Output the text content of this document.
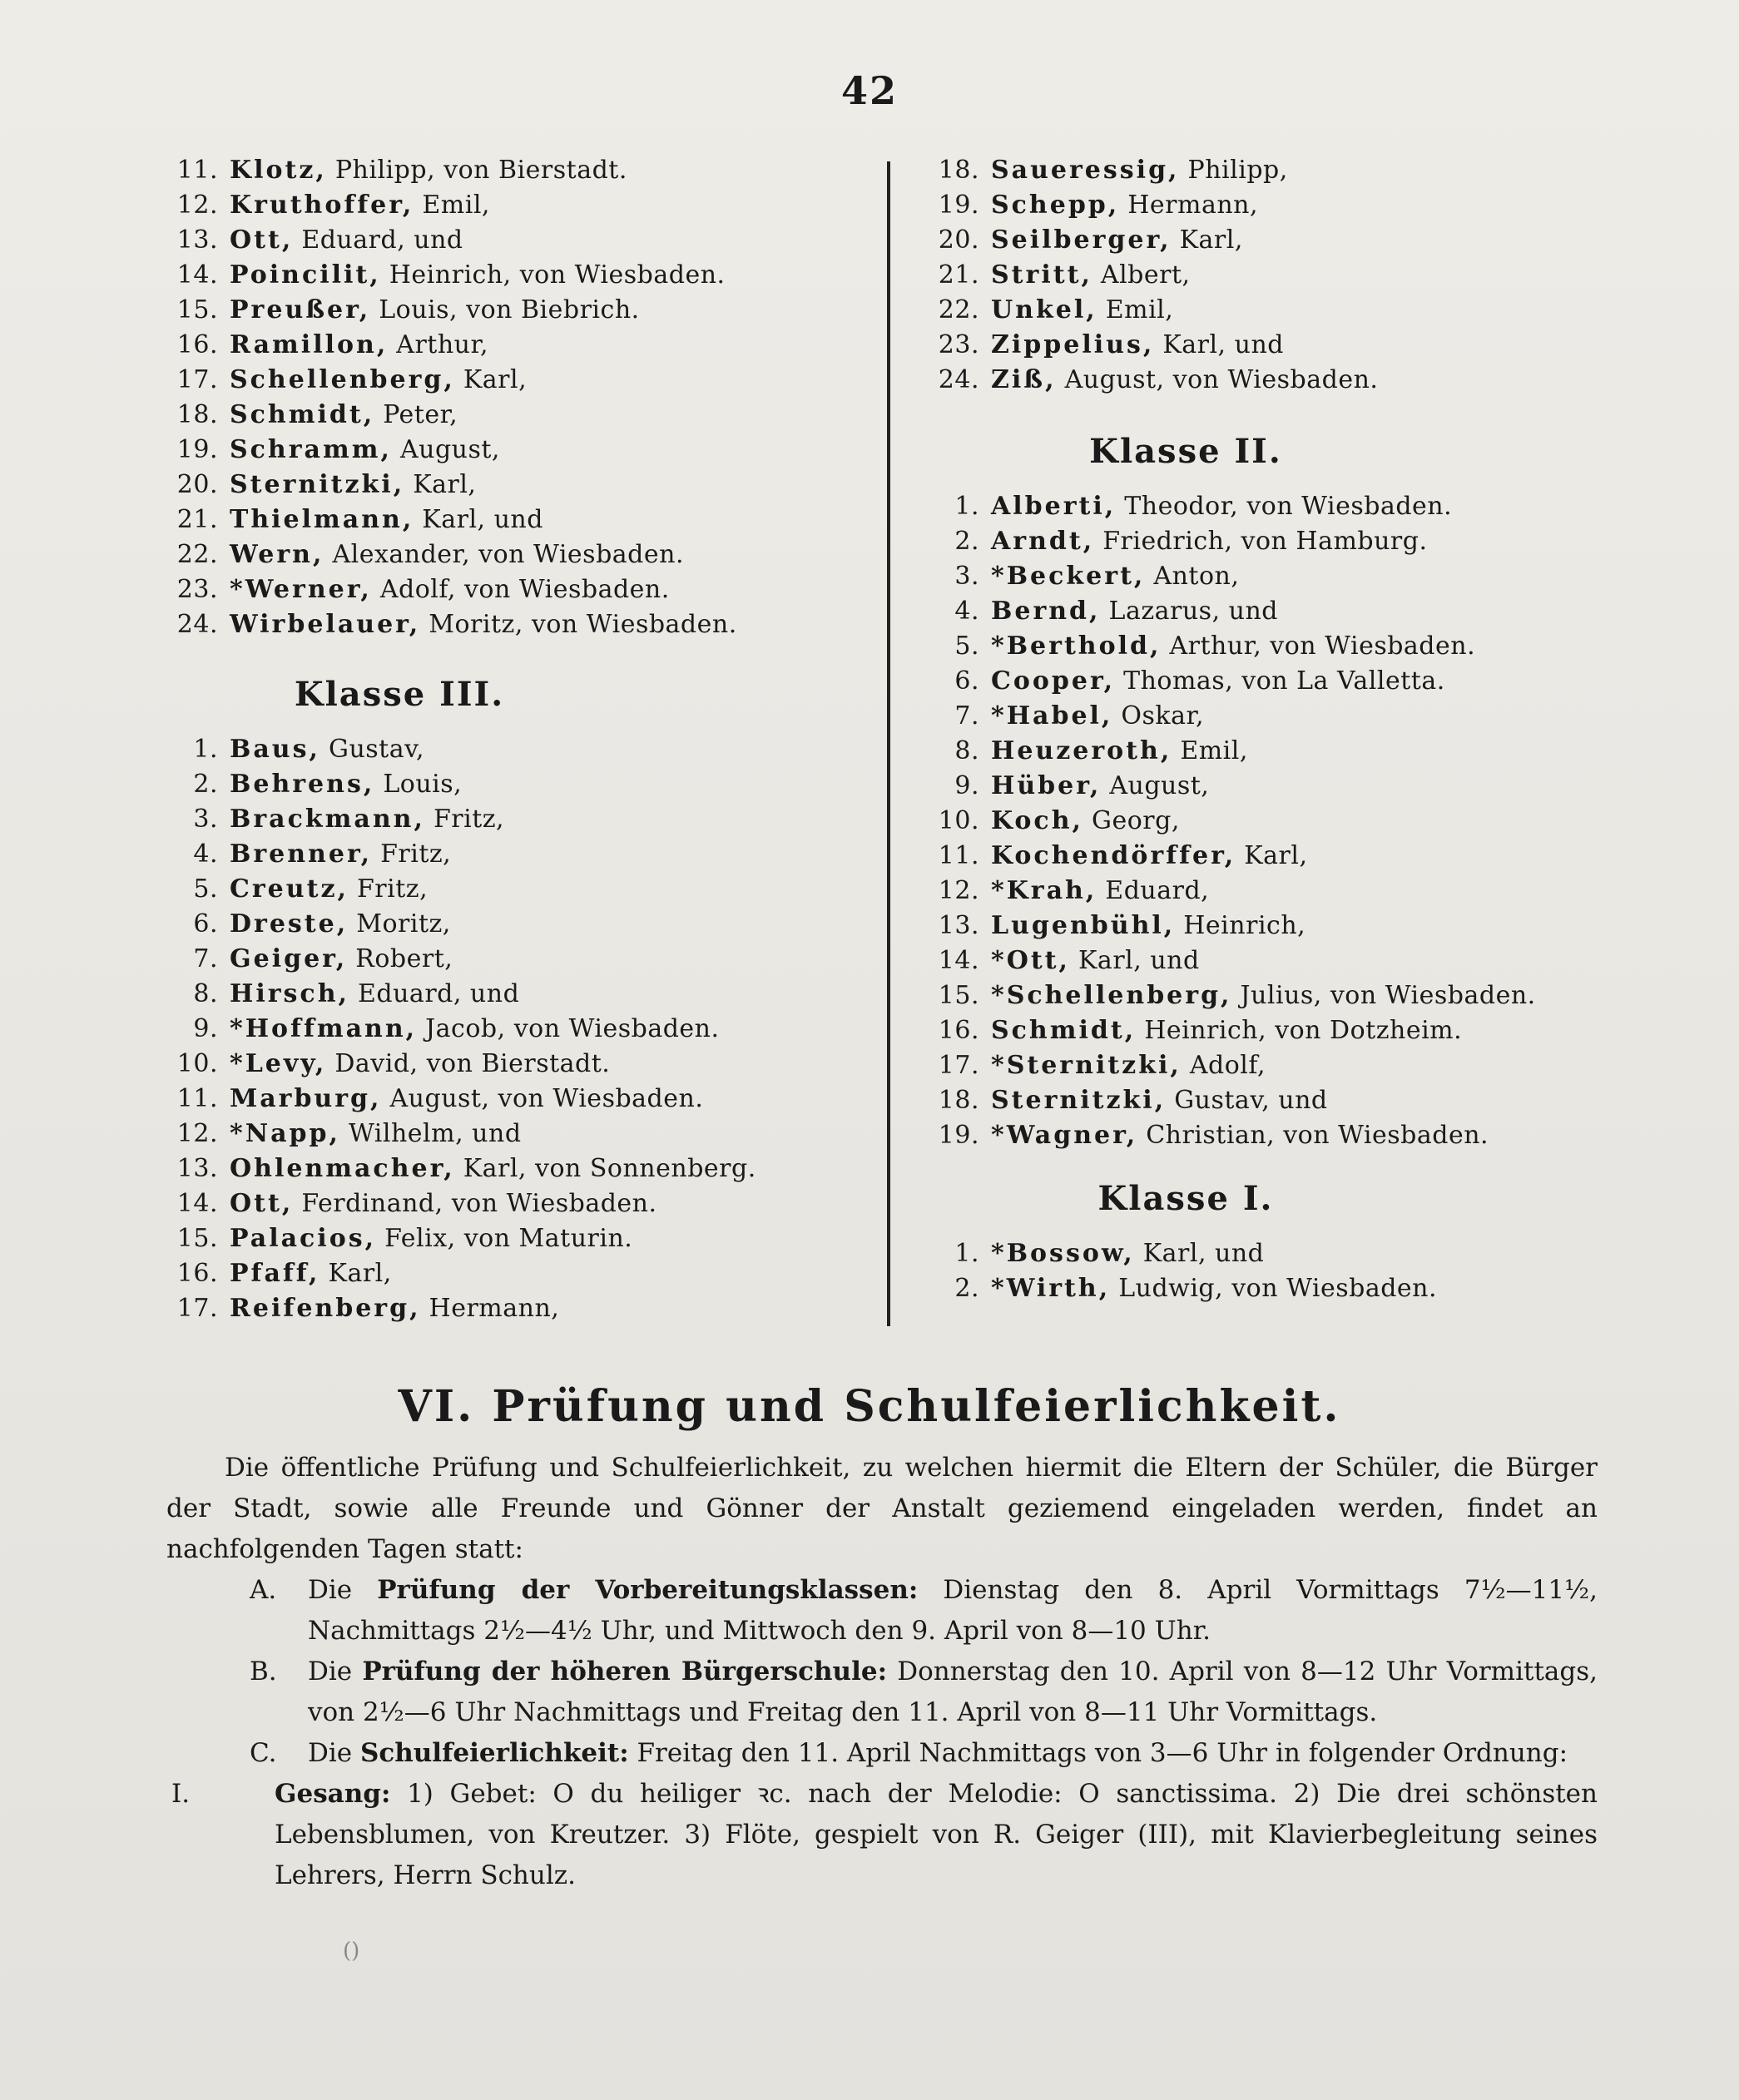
42
11. Klotz, Philipp, von Bierstadt.
12. Kruthoffer, Emil,
13. Ott, Eduard, und
14. Poincilit, Heinrich, von Wiesbaden.
15. Preußer, Louis, von Biebrich.
16. Ramillon, Arthur,
17. Schellenberg, Karl,
18. Schmidt, Peter,
19. Schramm, August,
20. Sternitzki, Karl,
21. Thielmann, Karl, und
22. Wern, Alexander, von Wiesbaden.
23. *Werner, Adolf, von Wiesbaden.
24. Wirbelauer, Moritz, von Wiesbaden.
Klasse III.
1. Baus, Gustav,
2. Behrens, Louis,
3. Brackmann, Fritz,
4. Brenner, Fritz,
5. Creutz, Fritz,
6. Dreste, Moritz,
7. Geiger, Robert,
8. Hirsch, Eduard, und
9. *Hoffmann, Jacob, von Wiesbaden.
10. *Levy, David, von Bierstadt.
11. Marburg, August, von Wiesbaden.
12. *Napp, Wilhelm, und
13. Ohlenmacher, Karl, von Sonnenberg.
14. Ott, Ferdinand, von Wiesbaden.
15. Palacios, Felix, von Maturin.
16. Pfaff, Karl,
17. Reifenberg, Hermann,
18. Saueressig, Philipp,
19. Schepp, Hermann,
20. Seilberger, Karl,
21. Stritt, Albert,
22. Unkel, Emil,
23. Zippelius, Karl, und
24. Ziß, August, von Wiesbaden.
Klasse II.
1. Alberti, Theodor, von Wiesbaden.
2. Arndt, Friedrich, von Hamburg.
3. *Beckert, Anton,
4. Bernd, Lazarus, und
5. *Berthold, Arthur, von Wiesbaden.
6. Cooper, Thomas, von La Valletta.
7. *Habel, Oskar,
8. Heuzeroth, Emil,
9. Hüber, August,
10. Koch, Georg,
11. Kochendörffer, Karl,
12. *Krah, Eduard,
13. Lugenbühl, Heinrich,
14. *Ott, Karl, und
15. *Schellenberg, Julius, von Wiesbaden.
16. Schmidt, Heinrich, von Dotzheim.
17. *Sternitzki, Adolf,
18. Sternitzki, Gustav, und
19. *Wagner, Christian, von Wiesbaden.
Klasse I.
1. *Bossow, Karl, und
2. *Wirth, Ludwig, von Wiesbaden.
VI. Prüfung und Schulfeierlichkeit.

Die öffentliche Prüfung und Schulfeierlichkeit, zu welchen hiermit die Eltern der Schüler, die Bürger der Stadt, sowie alle Freunde und Gönner der Anstalt geziemend eingeladen werden, findet an nachfolgenden Tagen statt:

A. Die Prüfung der Vorbereitungsklassen: Dienstag den 8. April Vormittags 7½—11½, Nachmittags 2½—4½ Uhr, und Mittwoch den 9. April von 8—10 Uhr.
B. Die Prüfung der höheren Bürgerschule: Donnerstag den 10. April von 8—12 Uhr Vormittags, von 2½—6 Uhr Nachmittags und Freitag den 11. April von 8—11 Uhr Vormittags.
C. Die Schulfeierlichkeit: Freitag den 11. April Nachmittags von 3—6 Uhr in folgender Ordnung:
I.	Gesang: 1) Gebet: O du heiliger ꝛc. nach der Melodie: O sanctissima. 2) Die drei schönsten Lebensblumen, von Kreutzer. 3) Flöte, gespielt von R. Geiger (III), mit Klavierbegleitung seines Lehrers, Herrn Schulz.
()
